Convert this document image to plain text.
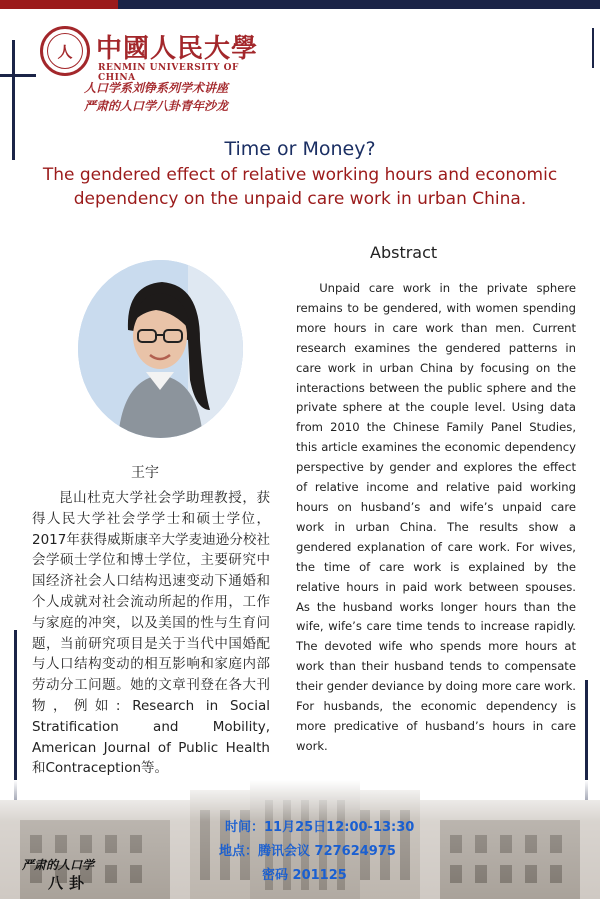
人 中國人民大學
RENMIN UNIVERSITY OF CHINA
人口学系刘铮系列学术讲座
严肃的人口学八卦青年沙龙
Time or Money?
The gendered effect of relative working hours and economic dependency on the unpaid care work in urban China.
王宇

昆山杜克大学社会学助理教授，获得人民大学社会学学士和硕士学位，2017年获得威斯康辛大学麦迪逊分校社会学硕士学位和博士学位，主要研究中国经济社会人口结构迅速变动下通婚和个人成就对社会流动所起的作用，工作与家庭的冲突，以及美国的性与生育问题，当前研究项目是关于当代中国婚配与人口结构变动的相互影响和家庭内部劳动分工问题。她的文章刊登在各大刊物，例如: Research in Social Stratification and Mobility, American Journal of Public Health 和Contraception等。

Abstract

Unpaid care work in the private sphere remains to be gendered, with women spending more hours in care work than men. Current research examines the gendered patterns in care work in urban China by focusing on the interactions between the public sphere and the private sphere at the couple level. Using data from 2010 the Chinese Family Panel Studies, this article examines the economic dependency perspective by gender and explores the effect of relative income and relative paid working hours on husband’s and wife’s unpaid care work in urban China. The results show a gendered explanation of care work. For wives, the time of care work is explained by the relative hours in paid work between spouses. As the husband works longer hours than the wife, wife’s care time tends to increase rapidly. The devoted wife who spends more hours at work than their husband tends to compensate their gender deviance by doing more care work. For husbands, the economic dependency is more predicative of husband’s hours in care work.

时间：11月25日12:00-13:30
地点：腾讯会议 727624975
密码 201125
严肃的人口学
八卦
